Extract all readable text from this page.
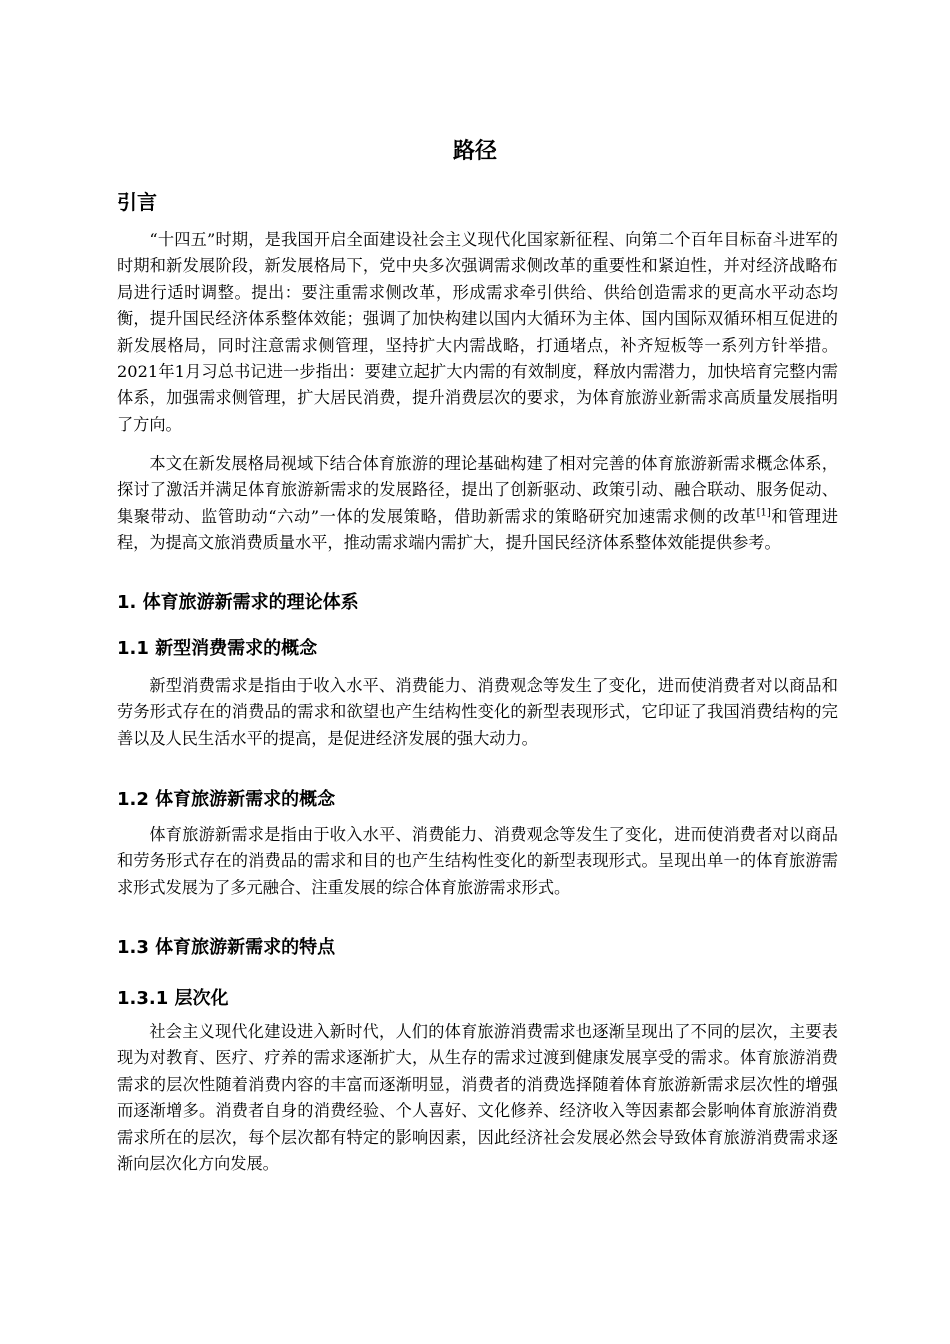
路径
引言

“十四五”时期，是我国开启全面建设社会主义现代化国家新征程、向第二个百年目标奋斗进军的时期和新发展阶段，新发展格局下，党中央多次强调需求侧改革的重要性和紧迫性，并对经济战略布局进行适时调整。提出：要注重需求侧改革，形成需求牵引供给、供给创造需求的更高水平动态均衡，提升国民经济体系整体效能；强调了加快构建以国内大循环为主体、国内国际双循环相互促进的新发展格局，同时注意需求侧管理，坚持扩大内需战略，打通堵点，补齐短板等一系列方针举措。2021年1月习总书记进一步指出：要建立起扩大内需的有效制度，释放内需潜力，加快培育完整内需体系，加强需求侧管理，扩大居民消费，提升消费层次的要求，为体育旅游业新需求高质量发展指明了方向。

本文在新发展格局视域下结合体育旅游的理论基础构建了相对完善的体育旅游新需求概念体系，探讨了激活并满足体育旅游新需求的发展路径，提出了创新驱动、政策引动、融合联动、服务促动、集聚带动、监管助动“六动”一体的发展策略，借助新需求的策略研究加速需求侧的改革[1]和管理进程，为提高文旅消费质量水平，推动需求端内需扩大，提升国民经济体系整体效能提供参考。

1. 体育旅游新需求的理论体系
1.1 新型消费需求的概念

新型消费需求是指由于收入水平、消费能力、消费观念等发生了变化，进而使消费者对以商品和劳务形式存在的消费品的需求和欲望也产生结构性变化的新型表现形式，它印证了我国消费结构的完善以及人民生活水平的提高，是促进经济发展的强大动力。

1.2 体育旅游新需求的概念

体育旅游新需求是指由于收入水平、消费能力、消费观念等发生了变化，进而使消费者对以商品和劳务形式存在的消费品的需求和目的也产生结构性变化的新型表现形式。呈现出单一的体育旅游需求形式发展为了多元融合、注重发展的综合体育旅游需求形式。

1.3 体育旅游新需求的特点
1.3.1 层次化

社会主义现代化建设进入新时代，人们的体育旅游消费需求也逐渐呈现出了不同的层次，主要表现为对教育、医疗、疗养的需求逐渐扩大，从生存的需求过渡到健康发展享受的需求。体育旅游消费需求的层次性随着消费内容的丰富而逐渐明显，消费者的消费选择随着体育旅游新需求层次性的增强而逐渐增多。消费者自身的消费经验、个人喜好、文化修养、经济收入等因素都会影响体育旅游消费需求所在的层次，每个层次都有特定的影响因素，因此经济社会发展必然会导致体育旅游消费需求逐渐向层次化方向发展。
